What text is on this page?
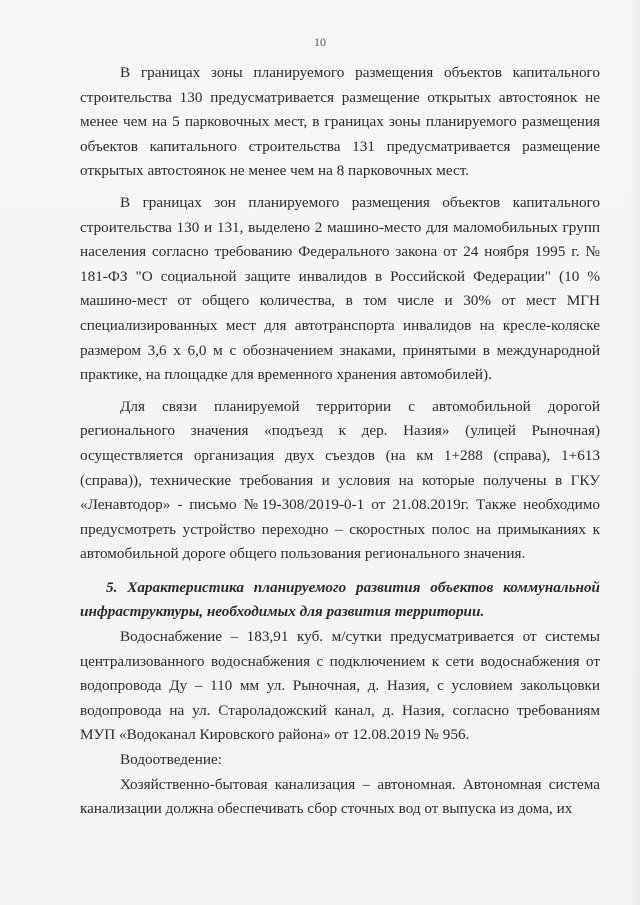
10

В границах зоны планируемого размещения объектов капитального строительства 130 предусматривается размещение открытых автостоянок не менее чем на 5 парковочных мест, в границах зоны планируемого размещения объектов капитального строительства 131 предусматривается размещение открытых автостоянок не менее чем на 8 парковочных мест.

В границах зон планируемого размещения объектов капитального строительства 130 и 131, выделено 2 машино-место для маломобильных групп населения согласно требованию Федерального закона от 24 ноября 1995 г. № 181-ФЗ "О социальной защите инвалидов в Российской Федерации" (10 % машино-мест от общего количества, в том числе и 30% от мест МГН специализированных мест для автотранспорта инвалидов на кресле-коляске размером 3,6 х 6,0 м с обозначением знаками, принятыми в международной практике, на площадке для временного хранения автомобилей).

Для связи планируемой территории с автомобильной дорогой регионального значения «подъезд к дер. Назия» (улицей Рыночная) осуществляется организация двух съездов (на км 1+288 (справа), 1+613 (справа)), технические требования и условия на которые получены в ГКУ «Ленавтодор» - письмо №19-308/2019-0-1 от 21.08.2019г. Также необходимо предусмотреть устройство переходно – скоростных полос на примыканиях к автомобильной дороге общего пользования регионального значения.

5. Характеристика планируемого развития объектов коммунальной инфраструктуры, необходимых для развития территории.

Водоснабжение – 183,91 куб. м/сутки предусматривается от системы централизованного водоснабжения с подключением к сети водоснабжения от водопровода Ду – 110 мм ул. Рыночная, д. Назия, с условием закольцовки водопровода на ул. Староладожский канал, д. Назия, согласно требованиям МУП «Водоканал Кировского района» от 12.08.2019 № 956.

Водоотведение:

Хозяйственно-бытовая канализация – автономная. Автономная система канализации должна обеспечивать сбор сточных вод от выпуска из дома, их
